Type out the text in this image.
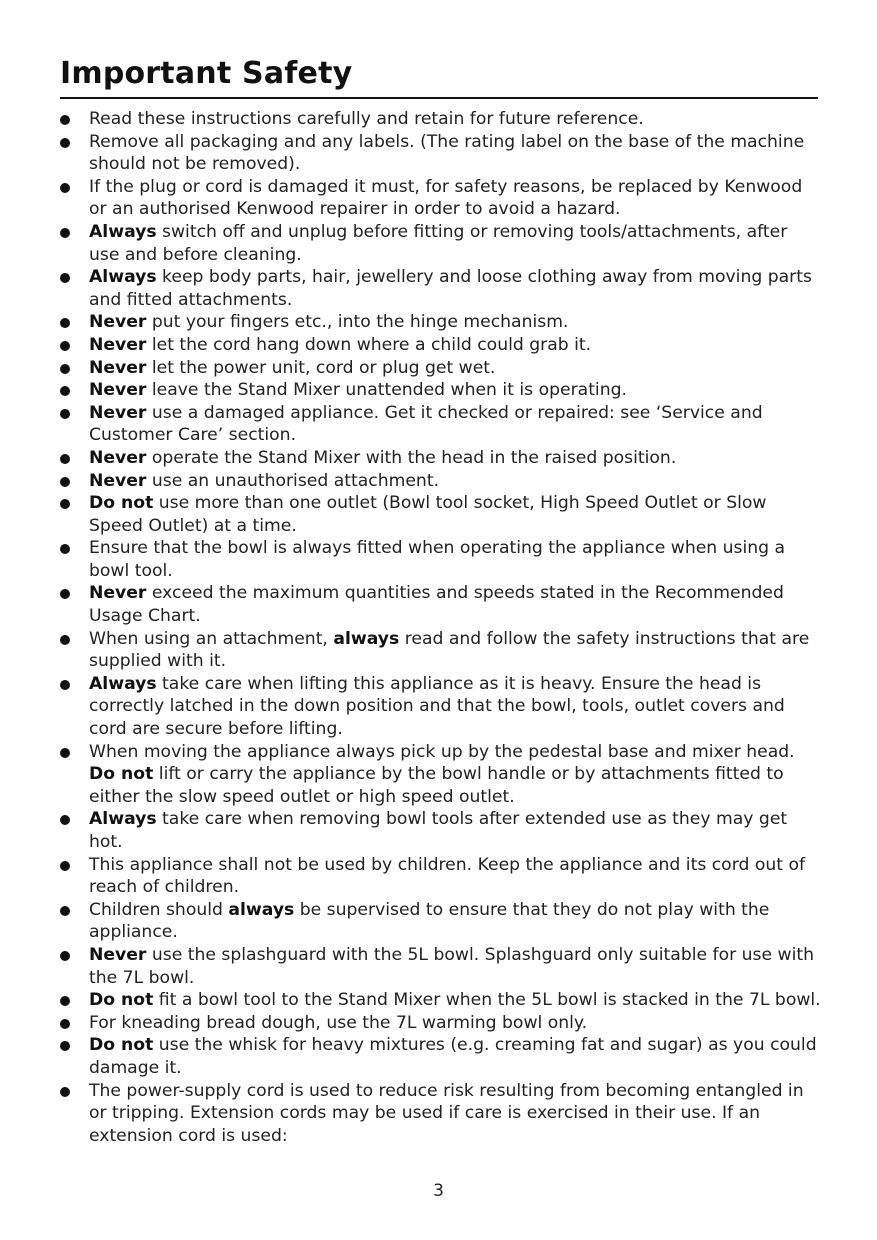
Important Safety
Read these instructions carefully and retain for future reference.
Remove all packaging and any labels. (The rating label on the base of the machine should not be removed).
If the plug or cord is damaged it must, for safety reasons, be replaced by Kenwood or an authorised Kenwood repairer in order to avoid a hazard.
Always switch off and unplug before fitting or removing tools/attachments, after use and before cleaning.
Always keep body parts, hair, jewellery and loose clothing away from moving parts and fitted attachments.
Never put your fingers etc., into the hinge mechanism.
Never let the cord hang down where a child could grab it.
Never let the power unit, cord or plug get wet.
Never leave the Stand Mixer unattended when it is operating.
Never use a damaged appliance. Get it checked or repaired: see ‘Service and Customer Care’ section.
Never operate the Stand Mixer with the head in the raised position.
Never use an unauthorised attachment.
Do not use more than one outlet (Bowl tool socket, High Speed Outlet or Slow Speed Outlet) at a time.
Ensure that the bowl is always fitted when operating the appliance when using a bowl tool.
Never exceed the maximum quantities and speeds stated in the Recommended Usage Chart.
When using an attachment, always read and follow the safety instructions that are supplied with it.
Always take care when lifting this appliance as it is heavy. Ensure the head is correctly latched in the down position and that the bowl, tools, outlet covers and cord are secure before lifting.
When moving the appliance always pick up by the pedestal base and mixer head. Do not lift or carry the appliance by the bowl handle or by attachments fitted to either the slow speed outlet or high speed outlet.
Always take care when removing bowl tools after extended use as they may get hot.
This appliance shall not be used by children. Keep the appliance and its cord out of reach of children.
Children should always be supervised to ensure that they do not play with the appliance.
Never use the splashguard with the 5L bowl. Splashguard only suitable for use with the 7L bowl.
Do not fit a bowl tool to the Stand Mixer when the 5L bowl is stacked in the 7L bowl.
For kneading bread dough, use the 7L warming bowl only.
Do not use the whisk for heavy mixtures (e.g. creaming fat and sugar) as you could damage it.
The power-supply cord is used to reduce risk resulting from becoming entangled in or tripping. Extension cords may be used if care is exercised in their use. If an extension cord is used:
3
